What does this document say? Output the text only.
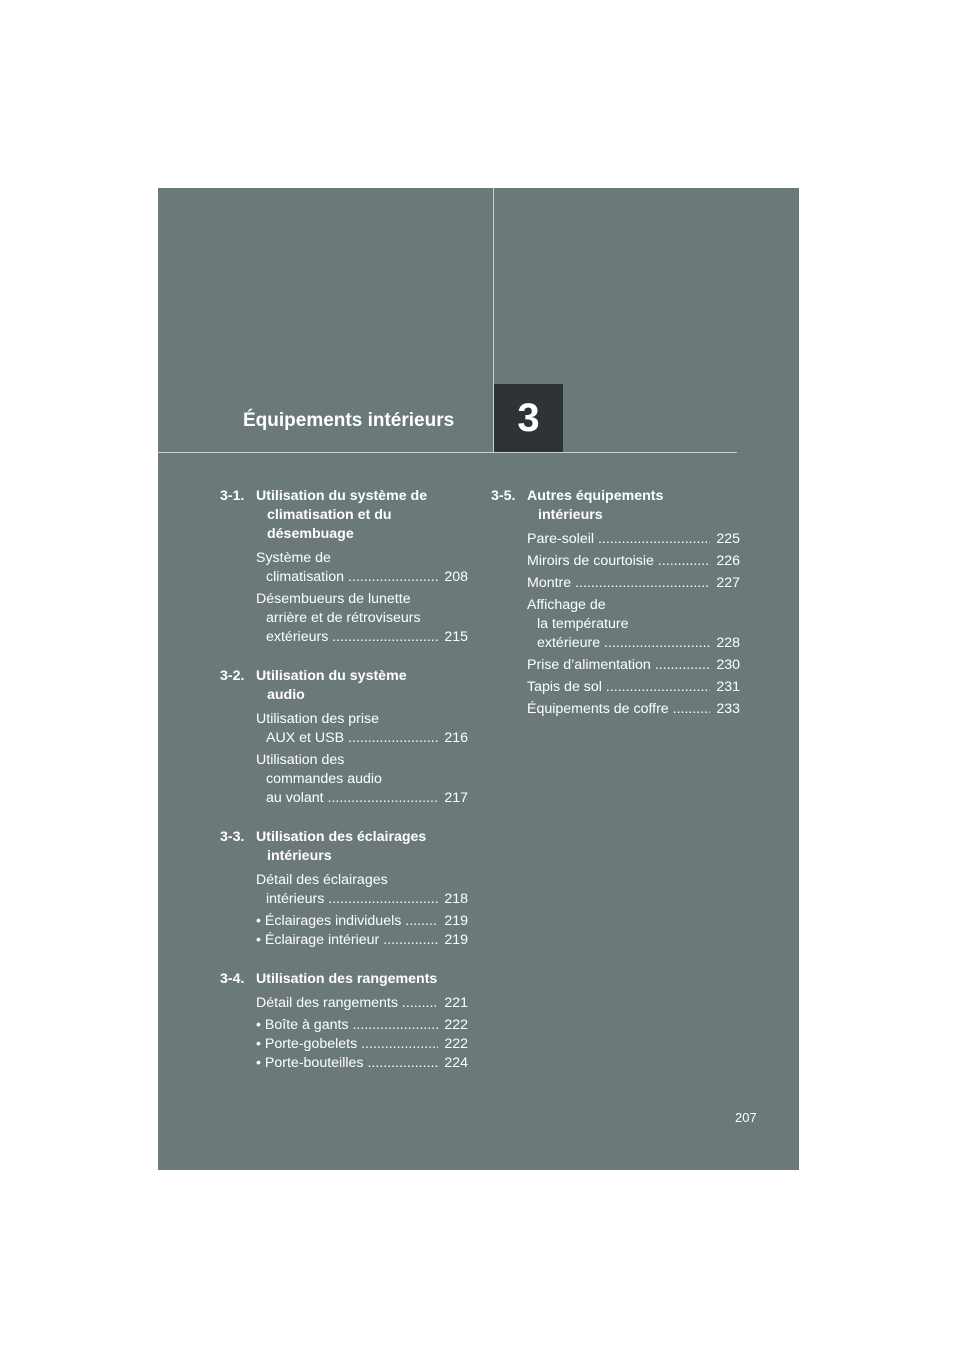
Équipements intérieurs	3
3-1. Utilisation du système de
climatisation et du
désembuage
Système de
climatisation .....	208
Désembueurs de lunette
arrière et de rétroviseurs
extérieurs .....	215
3-2. Utilisation du système
audio
Utilisation des prise
AUX et USB .....	216
Utilisation des
commandes audio
au volant .....	217
3-3. Utilisation des éclairages
intérieurs
Détail des éclairages
intérieurs .....	218
• Éclairages individuels .....	219
• Éclairage intérieur .....	219
3-4. Utilisation des rangements
Détail des rangements .....	221
• Boîte à gants .....	222
• Porte-gobelets .....	222
• Porte-bouteilles .....	224
3-5. Autres équipements
intérieurs
Pare-soleil .....	225
Miroirs de courtoisie .....	226
Montre .....	227
Affichage de
la température
extérieure .....	228
Prise d’alimentation .....	230
Tapis de sol .....	231
Équipements de coffre .....	233
207
